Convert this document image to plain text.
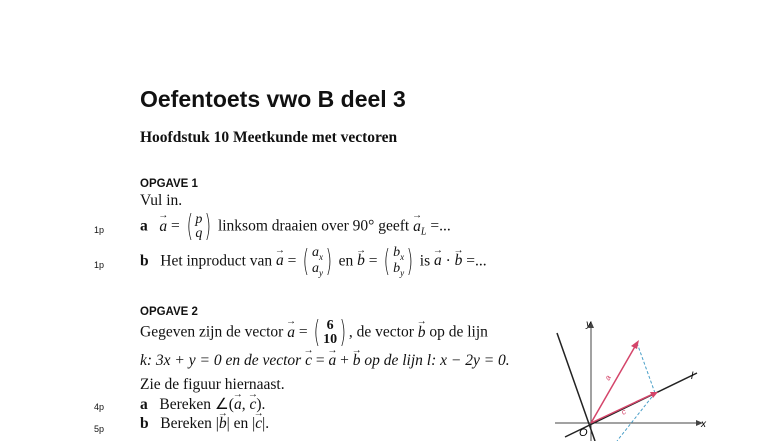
Oefentoets vwo B deel 3
Hoofdstuk 10 Meetkunde met vectoren
OPGAVE 1
Vul in.
1p a → a = ( p
q ) linksom draaien over 90° geeft → $a_L$ =...
1p b Het inproduct van → a = ( $a_x$
$a_y$ ) en → b = ( $b_x$
$b_y$ ) is → a · → b =...
OPGAVE 2
Gegeven zijn de vector → a = ( 6
10 ) , de vector → b op de lijn
k: 3x + y = 0 en de vector → c = → a + → b op de lijn l: x − 2y = 0.
Zie de figuur hiernaast.
4p a Bereken ∠(→ a, → c).
5p b Bereken |→ b| en |→ c|.
y
x
l
a
c
O
